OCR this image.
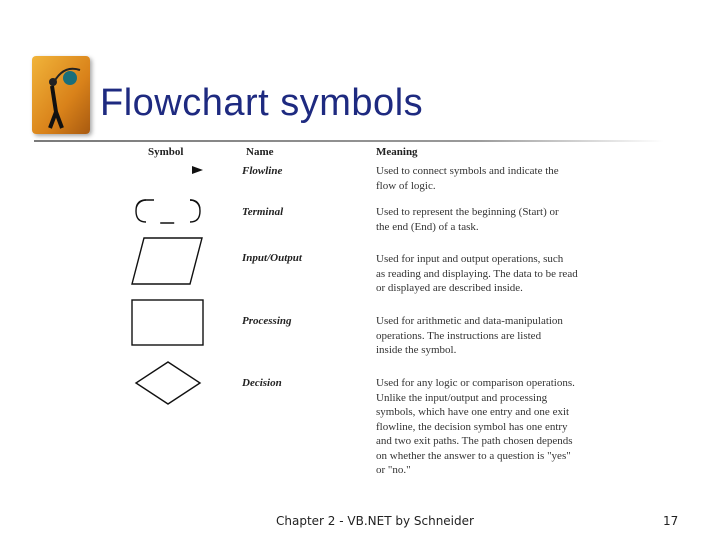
Flowchart symbols
Symbol	Name	Meaning
Flowline	Used to connect symbols and indicate the
flow of logic.
Terminal	Used to represent the beginning (Start) or
the end (End) of a task.
Input/Output	Used for input and output operations, such
as reading and displaying. The data to be read
or displayed are described inside.
Processing	Used for arithmetic and data-manipulation
operations. The instructions are listed
inside the symbol.
Decision	Used for any logic or comparison operations.
Unlike the input/output and processing
symbols, which have one entry and one exit
flowline, the decision symbol has one entry
and two exit paths. The path chosen depends
on whether the answer to a question is "yes"
or "no."
Chapter 2 - VB.NET by Schneider	17
